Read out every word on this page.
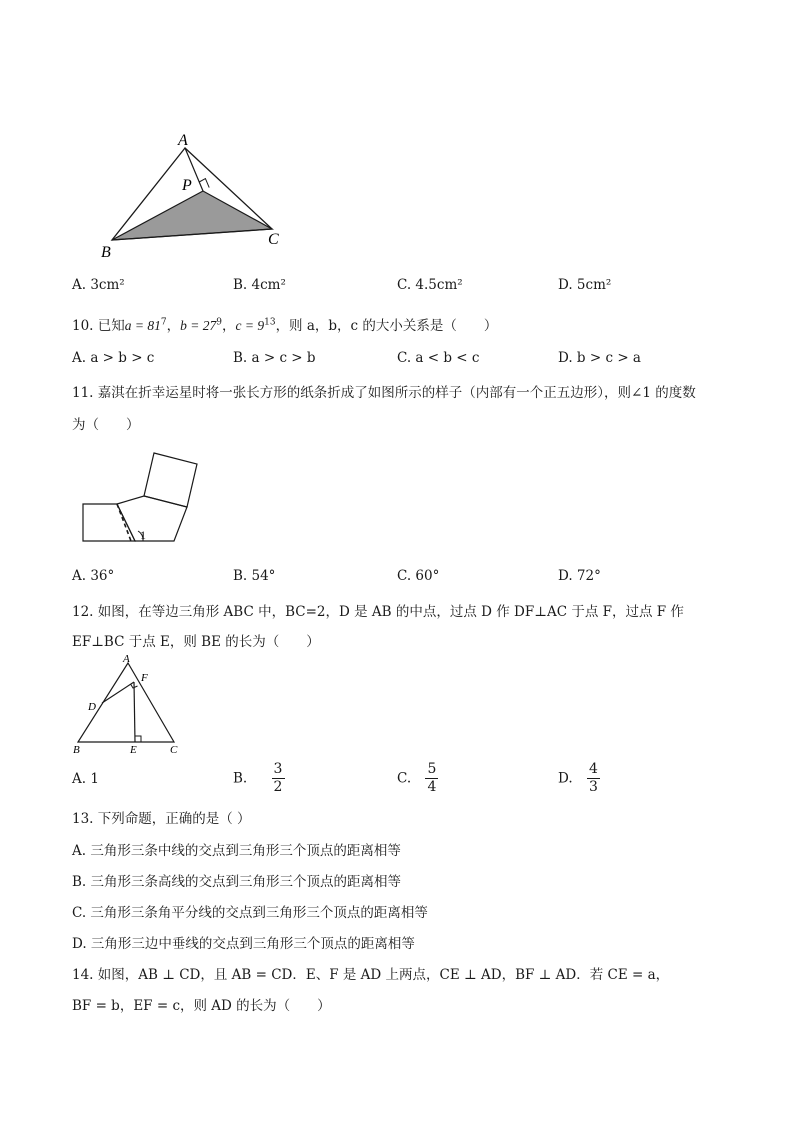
A
P
B
C
A. 3cm²	B. 4cm²	C. 4.5cm²	D. 5cm²
10. 已知$a = 81^7$，$b = 27^9$，$c = 9^{13}$，则 a，b，c 的大小关系是（　　）
A. a > b > c	B. a > c > b	C. a < b < c	D. b > c > a
11. 嘉淇在折幸运星时将一张长方形的纸条折成了如图所示的样子（内部有一个正五边形），则∠1 的度数
为（　　）
1
A. 36°	B. 54°	C. 60°	D. 72°
12. 如图，在等边三角形 ABC 中，BC=2，D 是 AB 的中点，过点 D 作 DF⊥AC 于点 F，过点 F 作
EF⊥BC 于点 E，则 BE 的长为（　　）
A
F
D
B	E	C
A. 1	B. $\frac{3}{2}$	C. $\frac{5}{4}$	D. $\frac{4}{3}$
13. 下列命题，正确的是（ ）
A. 三角形三条中线的交点到三角形三个顶点的距离相等
B. 三角形三条高线的交点到三角形三个顶点的距离相等
C. 三角形三条角平分线的交点到三角形三个顶点的距离相等
D. 三角形三边中垂线的交点到三角形三个顶点的距离相等
14. 如图，AB ⊥ CD，且 AB = CD．E、F 是 AD 上两点，CE ⊥ AD，BF ⊥ AD．若 CE = a，
BF = b，EF = c，则 AD 的长为（　　）
